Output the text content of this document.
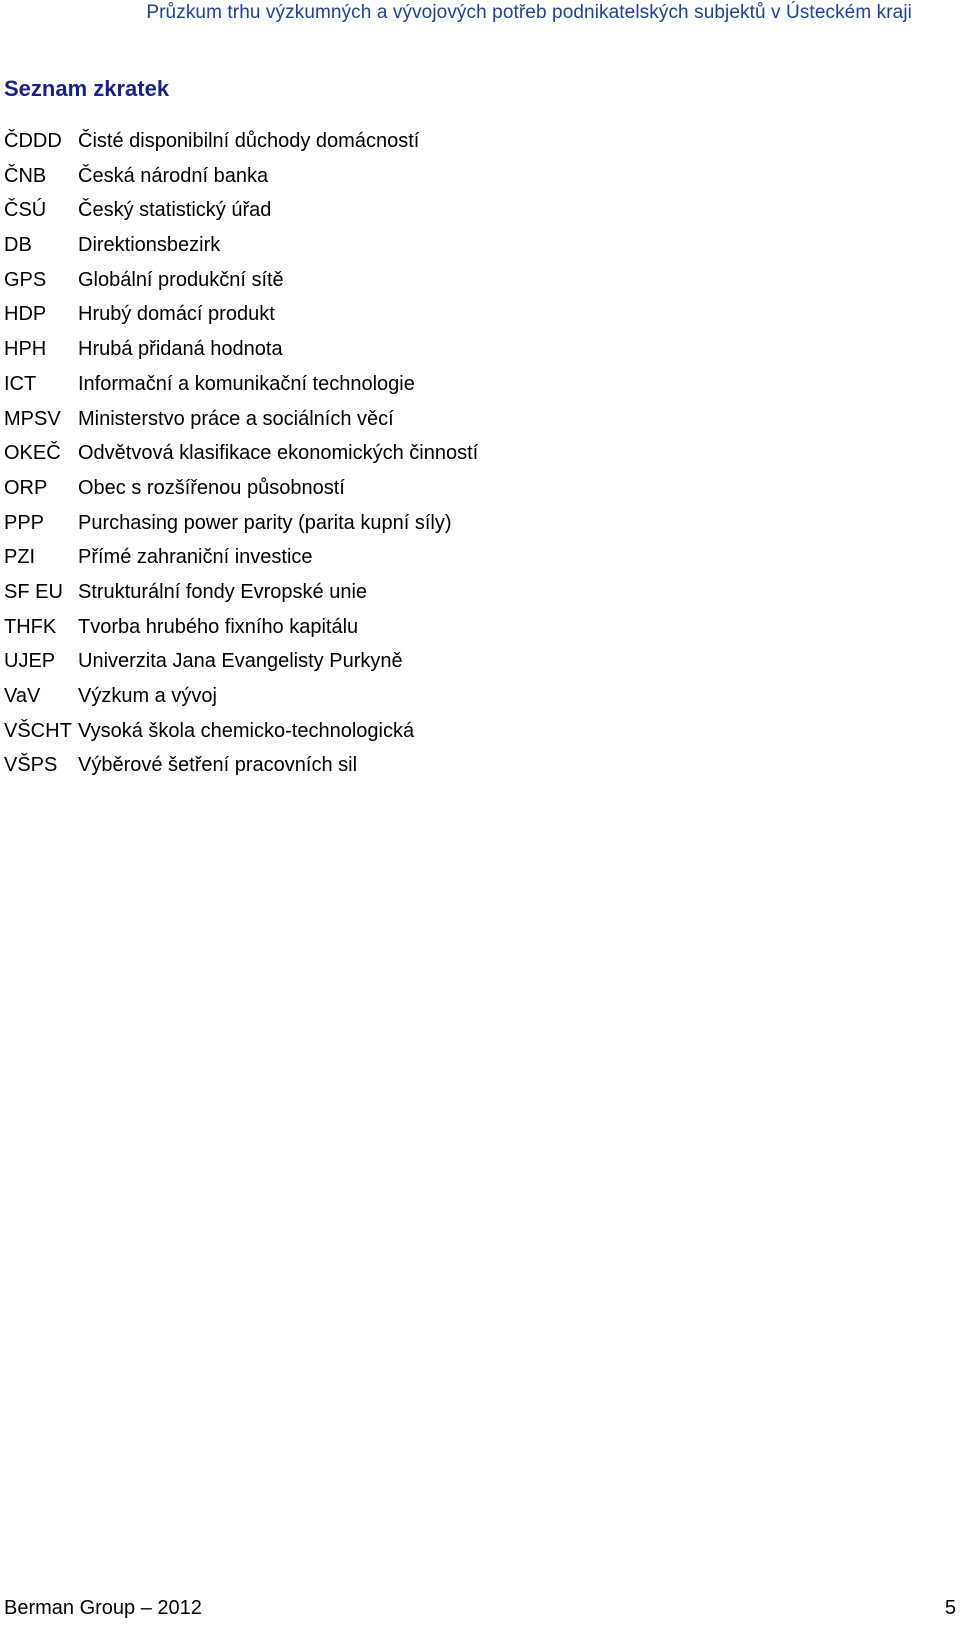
Průzkum trhu výzkumných a vývojových potřeb podnikatelských subjektů v Ústeckém kraji
Seznam zkratek
ČDDD Čisté disponibilní důchody domácností
ČNB	Česká národní banka
ČSÚ	Český statistický úřad
DB	Direktionsbezirk
GPS	Globální produkční sítě
HDP	Hrubý domácí produkt
HPH	Hrubá přidaná hodnota
ICT	Informační a komunikační technologie
MPSV Ministerstvo práce a sociálních věcí
OKEČ Odvětvová klasifikace ekonomických činností
ORP	Obec s rozšířenou působností
PPP	Purchasing power parity (parita kupní síly)
PZI	Přímé zahraniční investice
SF EU Strukturální fondy Evropské unie
THFK	Tvorba hrubého fixního kapitálu
UJEP	Univerzita Jana Evangelisty Purkyně
VaV	Výzkum a vývoj
VŠCHT Vysoká škola chemicko-technologická
VŠPS	Výběrové šetření pracovních sil
Berman Group – 2012	5
